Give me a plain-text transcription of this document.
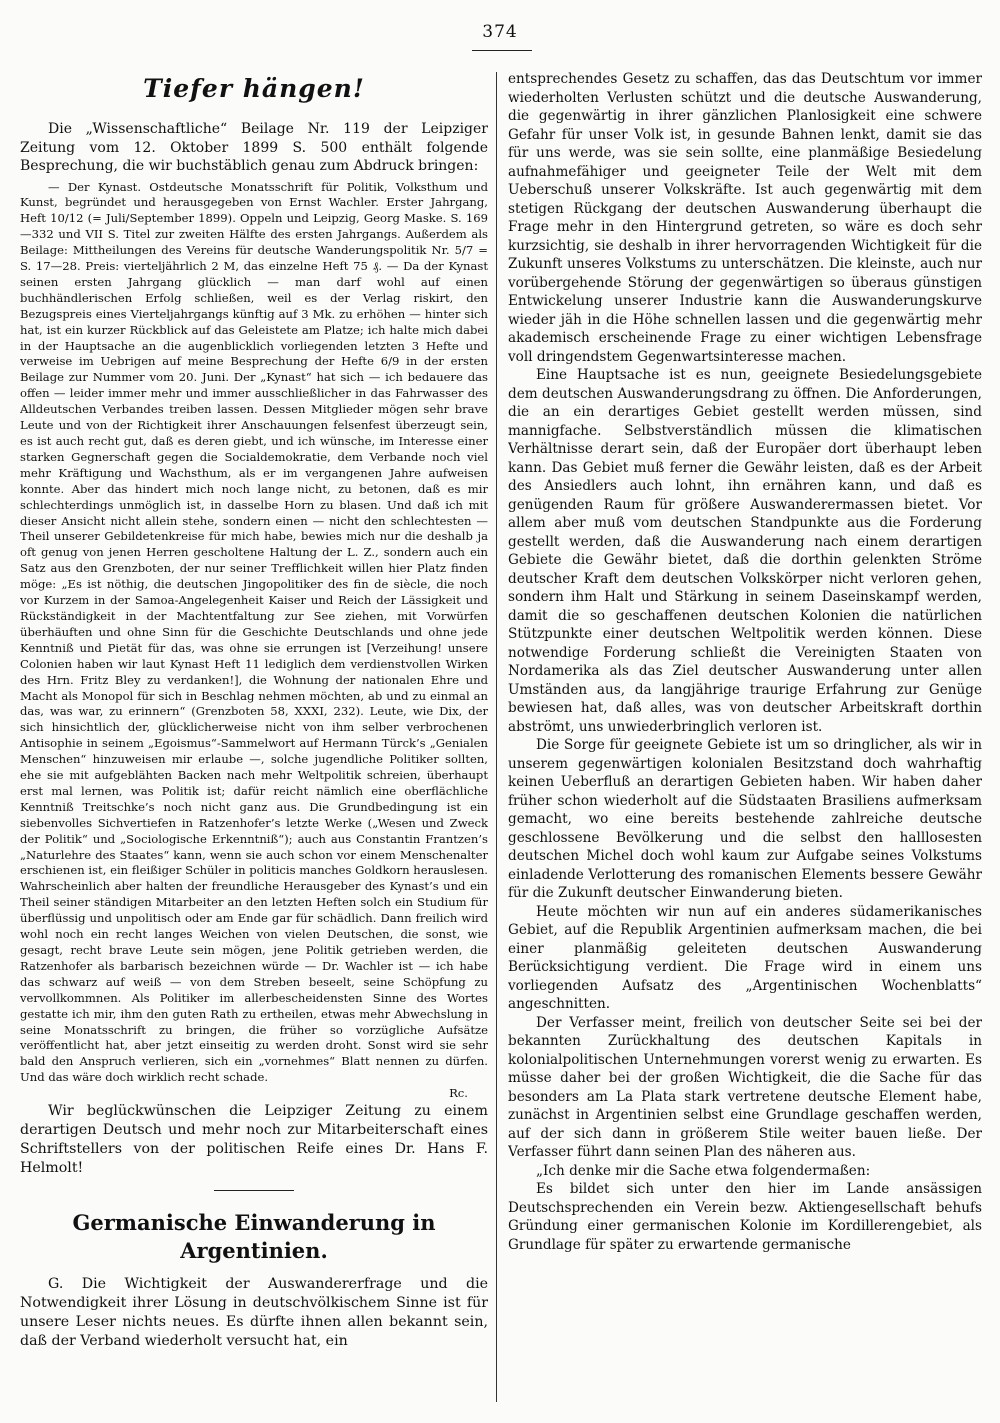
374
Tiefer hängen!

Die „Wissenschaftliche“ Beilage Nr. 119 der Leipziger Zeitung vom 12. Oktober 1899 S. 500 enthält folgende Besprechung, die wir buchstäblich genau zum Abdruck bringen:

— Der Kynast. Ostdeutsche Monatsschrift für Politik, Volksthum und Kunst, begründet und herausgegeben von Ernst Wachler. Erster Jahrgang, Heft 10/12 (= Juli/September 1899). Oppeln und Leipzig, Georg Maske. S. 169—332 und VII S. Titel zur zweiten Hälfte des ersten Jahrgangs. Außerdem als Beilage: Mittheilungen des Vereins für deutsche Wanderungspolitik Nr. 5/7 = S. 17—28. Preis: vierteljährlich 2 M, das einzelne Heft 75 ₰. — Da der Kynast seinen ersten Jahrgang glücklich — man darf wohl auf einen buchhändlerischen Erfolg schließen, weil es der Verlag riskirt, den Bezugspreis eines Vierteljahrgangs künftig auf 3 Mk. zu erhöhen — hinter sich hat, ist ein kurzer Rückblick auf das Geleistete am Platze; ich halte mich dabei in der Hauptsache an die augenblicklich vorliegenden letzten 3 Hefte und verweise im Uebrigen auf meine Besprechung der Hefte 6/9 in der ersten Beilage zur Nummer vom 20. Juni. Der „Kynast“ hat sich — ich bedauere das offen — leider immer mehr und immer ausschließlicher in das Fahrwasser des Alldeutschen Verbandes treiben lassen. Dessen Mitglieder mögen sehr brave Leute und von der Richtigkeit ihrer Anschauungen felsenfest überzeugt sein, es ist auch recht gut, daß es deren giebt, und ich wünsche, im Interesse einer starken Gegnerschaft gegen die Socialdemokratie, dem Verbande noch viel mehr Kräftigung und Wachsthum, als er im vergangenen Jahre aufweisen konnte. Aber das hindert mich noch lange nicht, zu betonen, daß es mir schlechterdings unmöglich ist, in dasselbe Horn zu blasen. Und daß ich mit dieser Ansicht nicht allein stehe, sondern einen — nicht den schlechtesten — Theil unserer Gebildetenkreise für mich habe, bewies mich nur die deshalb ja oft genug von jenen Herren gescholtene Haltung der L. Z., sondern auch ein Satz aus den Grenzboten, der nur seiner Trefflichkeit willen hier Platz finden möge: „Es ist nöthig, die deutschen Jingopolitiker des fin de siècle, die noch vor Kurzem in der Samoa-Angelegenheit Kaiser und Reich der Lässigkeit und Rückständigkeit in der Machtentfaltung zur See ziehen, mit Vorwürfen überhäuften und ohne Sinn für die Geschichte Deutschlands und ohne jede Kenntniß und Pietät für das, was ohne sie errungen ist [Verzeihung! unsere Colonien haben wir laut Kynast Heft 11 lediglich dem verdienstvollen Wirken des Hrn. Fritz Bley zu verdanken!], die Wohnung der nationalen Ehre und Macht als Monopol für sich in Beschlag nehmen möchten, ab und zu einmal an das, was war, zu erinnern“ (Grenzboten 58, XXXI, 232). Leute, wie Dix, der sich hinsichtlich der, glücklicherweise nicht von ihm selber verbrochenen Antisophie in seinem „Egoismus“-Sammelwort auf Hermann Türck’s „Genialen Menschen“ hinzuweisen mir erlaube —, solche jugendliche Politiker sollten, ehe sie mit aufgeblähten Backen nach mehr Weltpolitik schreien, überhaupt erst mal lernen, was Politik ist; dafür reicht nämlich eine oberflächliche Kenntniß Treitschke’s noch nicht ganz aus. Die Grundbedingung ist ein siebenvolles Sichvertiefen in Ratzenhofer’s letzte Werke („Wesen und Zweck der Politik“ und „Sociologische Erkenntniß“); auch aus Constantin Frantzen’s „Naturlehre des Staates“ kann, wenn sie auch schon vor einem Menschenalter erschienen ist, ein fleißiger Schüler in politicis manches Goldkorn herauslesen. Wahrscheinlich aber halten der freundliche Herausgeber des Kynast’s und ein Theil seiner ständigen Mitarbeiter an den letzten Heften solch ein Studium für überflüssig und unpolitisch oder am Ende gar für schädlich. Dann freilich wird wohl noch ein recht langes Weichen von vielen Deutschen, die sonst, wie gesagt, recht brave Leute sein mögen, jene Politik getrieben werden, die Ratzenhofer als barbarisch bezeichnen würde — Dr. Wachler ist — ich habe das schwarz auf weiß — von dem Streben beseelt, seine Schöpfung zu vervollkommnen. Als Politiker im allerbescheidensten Sinne des Wortes gestatte ich mir, ihm den guten Rath zu ertheilen, etwas mehr Abwechslung in seine Monatsschrift zu bringen, die früher so vorzügliche Aufsätze veröffentlicht hat, aber jetzt einseitig zu werden droht. Sonst wird sie sehr bald den Anspruch verlieren, sich ein „vornehmes“ Blatt nennen zu dürfen. Und das wäre doch wirklich recht schade.

Rc.

Wir beglückwünschen die Leipziger Zeitung zu einem derartigen Deutsch und mehr noch zur Mitarbeiterschaft eines Schriftstellers von der politischen Reife eines Dr. Hans F. Helmolt!

Germanische Einwanderung in Argentinien.

G. Die Wichtigkeit der Auswandererfrage und die Notwendigkeit ihrer Lösung in deutschvölkischem Sinne ist für unsere Leser nichts neues. Es dürfte ihnen allen bekannt sein, daß der Verband wiederholt versucht hat, ein

entsprechendes Gesetz zu schaffen, das das Deutschtum vor immer wiederholten Verlusten schützt und die deutsche Auswanderung, die gegenwärtig in ihrer gänzlichen Planlosigkeit eine schwere Gefahr für unser Volk ist, in gesunde Bahnen lenkt, damit sie das für uns werde, was sie sein sollte, eine planmäßige Besiedelung aufnahmefähiger und geeigneter Teile der Welt mit dem Ueberschuß unserer Volkskräfte. Ist auch gegenwärtig mit dem stetigen Rückgang der deutschen Auswanderung überhaupt die Frage mehr in den Hintergrund getreten, so wäre es doch sehr kurzsichtig, sie deshalb in ihrer hervorragenden Wichtigkeit für die Zukunft unseres Volkstums zu unterschätzen. Die kleinste, auch nur vorübergehende Störung der gegenwärtigen so überaus günstigen Entwickelung unserer Industrie kann die Auswanderungskurve wieder jäh in die Höhe schnellen lassen und die gegenwärtig mehr akademisch erscheinende Frage zu einer wichtigen Lebensfrage voll dringendstem Gegenwartsinteresse machen.

Eine Hauptsache ist es nun, geeignete Besiedelungsgebiete dem deutschen Auswanderungsdrang zu öffnen. Die Anforderungen, die an ein derartiges Gebiet gestellt werden müssen, sind mannigfache. Selbstverständlich müssen die klimatischen Verhältnisse derart sein, daß der Europäer dort überhaupt leben kann. Das Gebiet muß ferner die Gewähr leisten, daß es der Arbeit des Ansiedlers auch lohnt, ihn ernähren kann, und daß es genügenden Raum für größere Auswanderermassen bietet. Vor allem aber muß vom deutschen Standpunkte aus die Forderung gestellt werden, daß die Auswanderung nach einem derartigen Gebiete die Gewähr bietet, daß die dorthin gelenkten Ströme deutscher Kraft dem deutschen Volkskörper nicht verloren gehen, sondern ihm Halt und Stärkung in seinem Daseinskampf werden, damit die so geschaffenen deutschen Kolonien die natürlichen Stützpunkte einer deutschen Weltpolitik werden können. Diese notwendige Forderung schließt die Vereinigten Staaten von Nordamerika als das Ziel deutscher Auswanderung unter allen Umständen aus, da langjährige traurige Erfahrung zur Genüge bewiesen hat, daß alles, was von deutscher Arbeitskraft dorthin abströmt, uns unwiederbringlich verloren ist.

Die Sorge für geeignete Gebiete ist um so dringlicher, als wir in unserem gegenwärtigen kolonialen Besitzstand doch wahrhaftig keinen Ueberfluß an derartigen Gebieten haben. Wir haben daher früher schon wiederholt auf die Südstaaten Brasiliens aufmerksam gemacht, wo eine bereits bestehende zahlreiche deutsche geschlossene Bevölkerung und die selbst den halllosesten deutschen Michel doch wohl kaum zur Aufgabe seines Volkstums einladende Verlotterung des romanischen Elements bessere Gewähr für die Zukunft deutscher Einwanderung bieten.

Heute möchten wir nun auf ein anderes südamerikanisches Gebiet, auf die Republik Argentinien aufmerksam machen, die bei einer planmäßig geleiteten deutschen Auswanderung Berücksichtigung verdient. Die Frage wird in einem uns vorliegenden Aufsatz des „Argentinischen Wochenblatts“ angeschnitten.

Der Verfasser meint, freilich von deutscher Seite sei bei der bekannten Zurückhaltung des deutschen Kapitals in kolonialpolitischen Unternehmungen vorerst wenig zu erwarten. Es müsse daher bei der großen Wichtigkeit, die die Sache für das besonders am La Plata stark vertretene deutsche Element habe, zunächst in Argentinien selbst eine Grundlage geschaffen werden, auf der sich dann in größerem Stile weiter bauen ließe. Der Verfasser führt dann seinen Plan des näheren aus.

„Ich denke mir die Sache etwa folgendermaßen:

Es bildet sich unter den hier im Lande ansässigen Deutschsprechenden ein Verein bezw. Aktiengesellschaft behufs Gründung einer germanischen Kolonie im Kordillerengebiet, als Grundlage für später zu erwartende germanische
